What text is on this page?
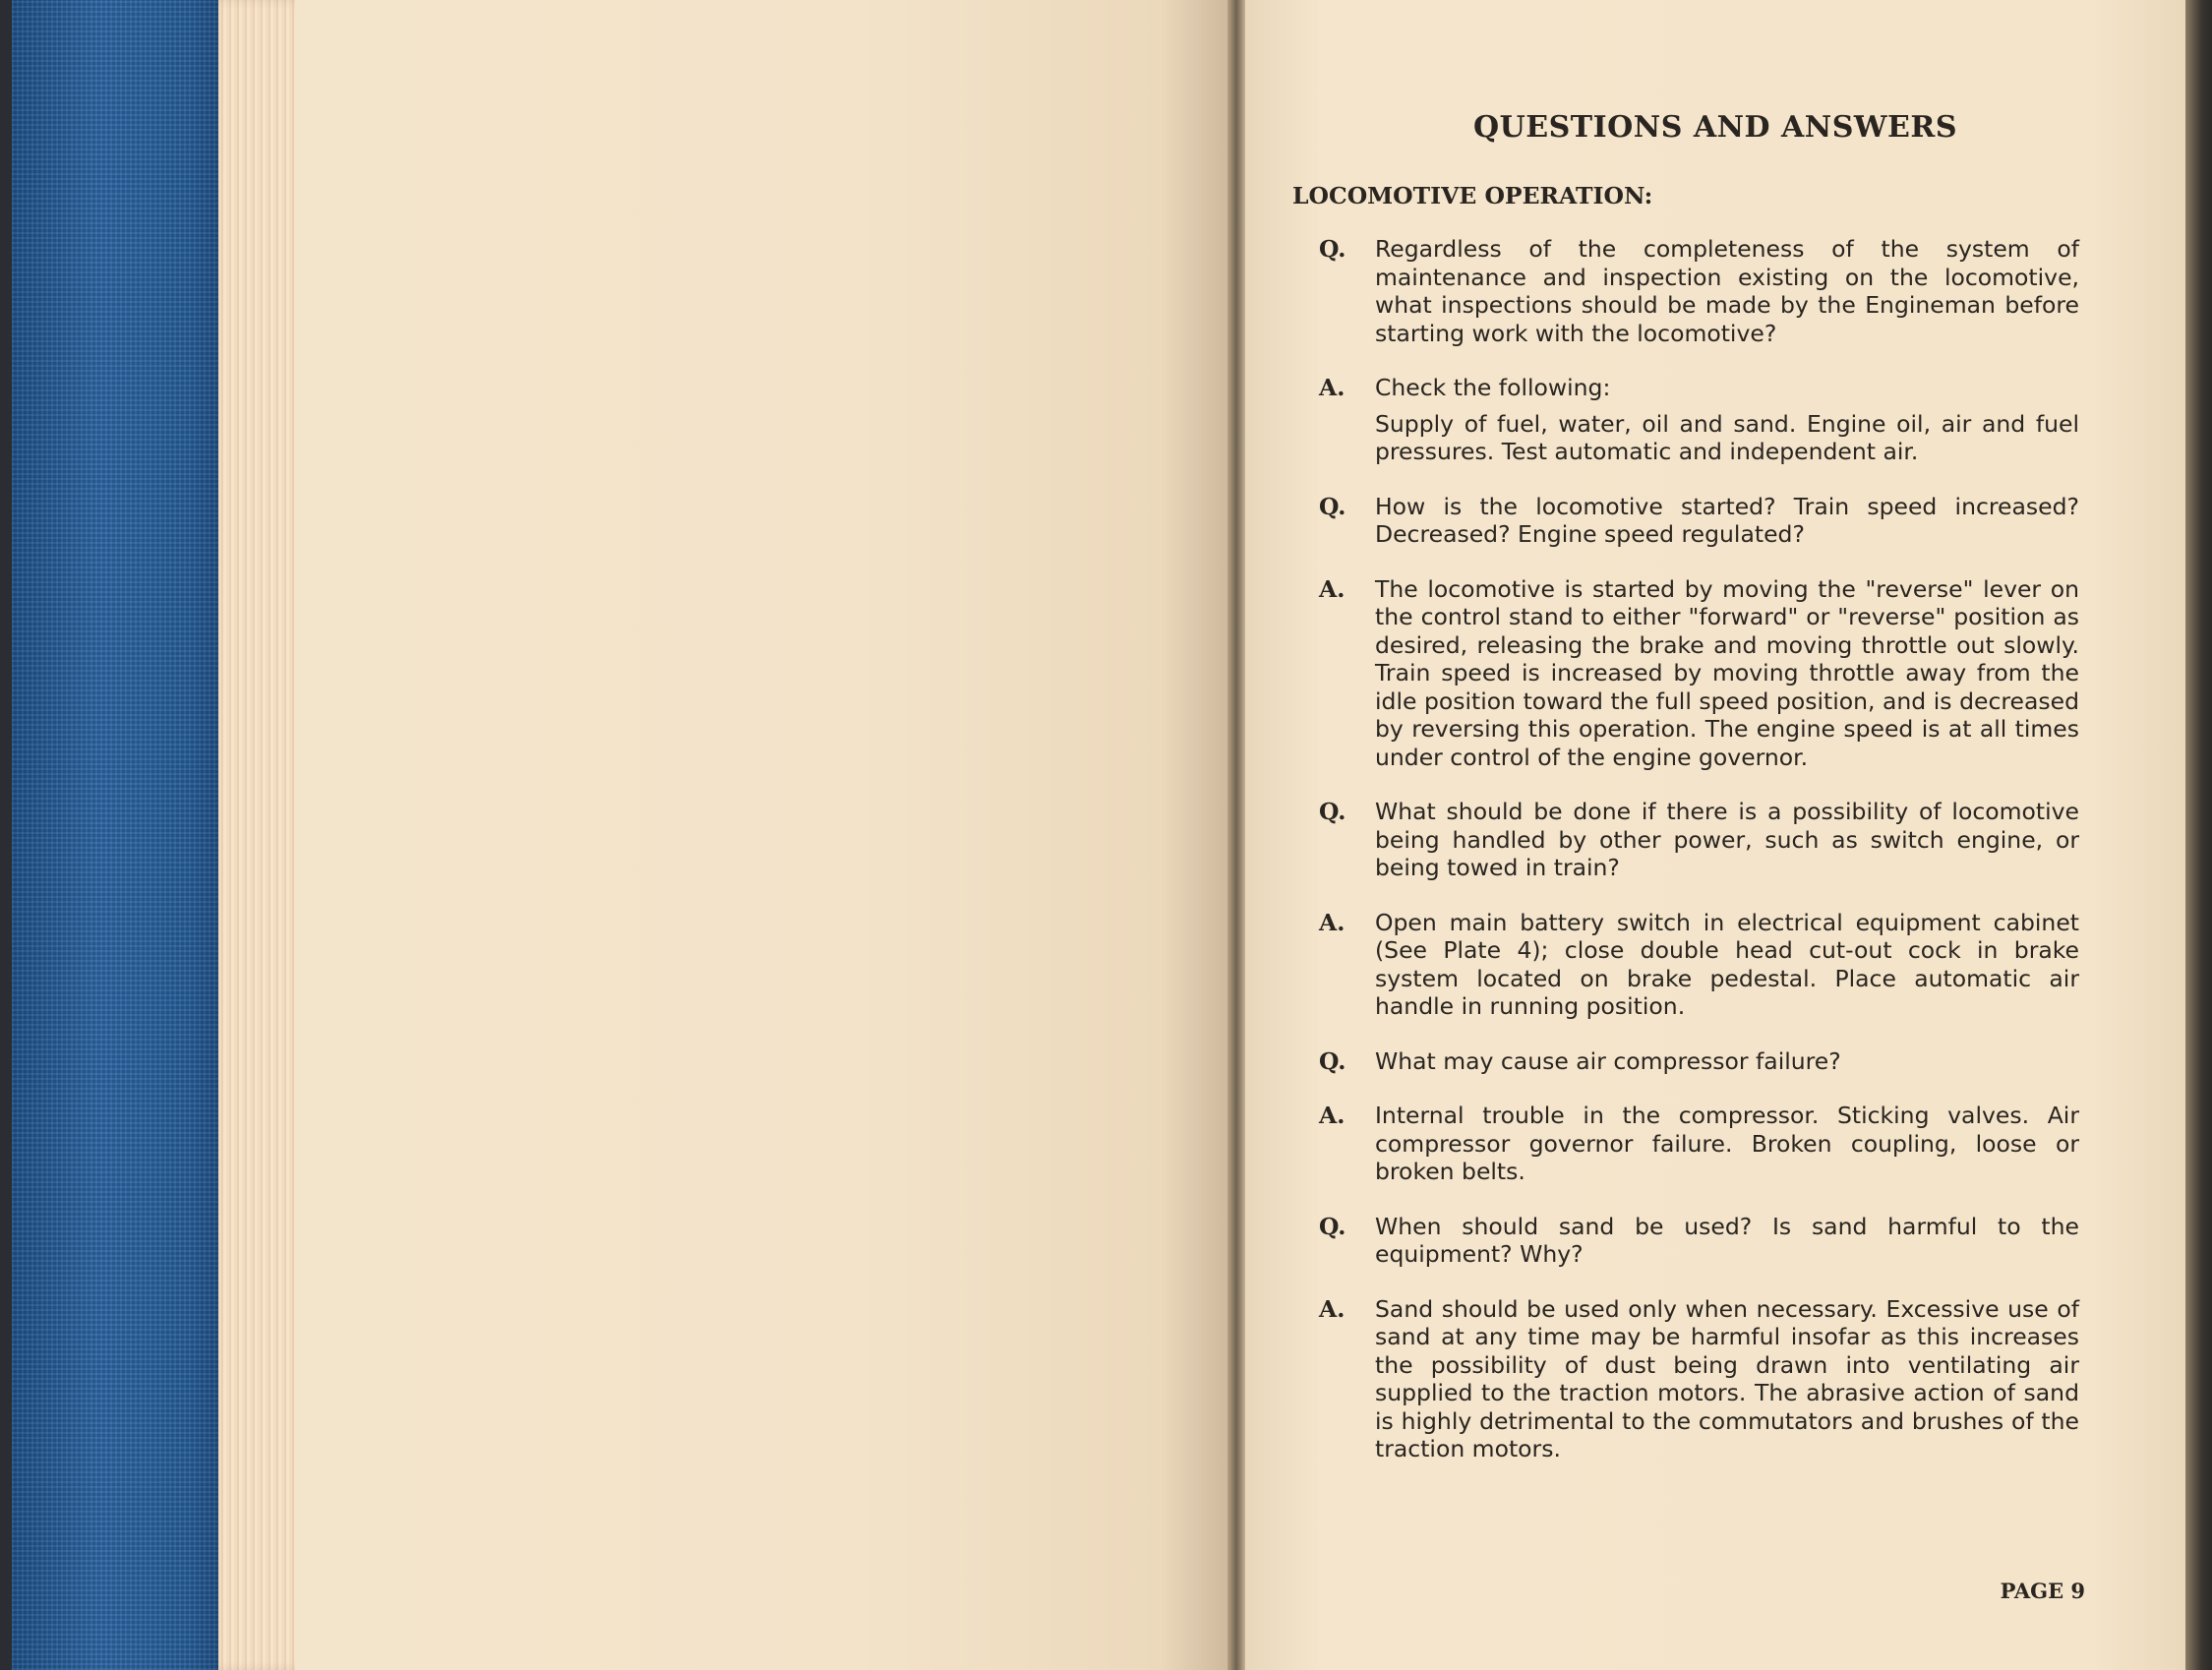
QUESTIONS AND ANSWERS
LOCOMOTIVE OPERATION:
Q.	Regardless of the completeness of the system of maintenance and inspection existing on the locomotive, what inspections should be made by the Engineman before starting work with the locomotive?

A.	Check the following:

Supply of fuel, water, oil and sand. Engine oil, air and fuel pressures. Test automatic and independent air.

Q.	How is the locomotive started? Train speed increased? Decreased? Engine speed regulated?

A.	The locomotive is started by moving the "reverse" lever on the control stand to either "forward" or "reverse" position as desired, releasing the brake and moving throttle out slowly. Train speed is increased by moving throttle away from the idle position toward the full speed position, and is decreased by reversing this operation. The engine speed is at all times under control of the engine governor.

Q.	What should be done if there is a possibility of locomotive being handled by other power, such as switch engine, or being towed in train?

A.	Open main battery switch in electrical equipment cabinet (See Plate 4); close double head cut-out cock in brake system located on brake pedestal. Place automatic air handle in running position.

Q.	What may cause air compressor failure?

A.	Internal trouble in the compressor. Sticking valves. Air compressor governor failure. Broken coupling, loose or broken belts.

Q.	When should sand be used? Is sand harmful to the equipment? Why?

A.	Sand should be used only when necessary. Excessive use of sand at any time may be harmful insofar as this increases the possibility of dust being drawn into ventilating air supplied to the traction motors. The abrasive action of sand is highly detrimental to the commutators and brushes of the traction motors.

PAGE 9
